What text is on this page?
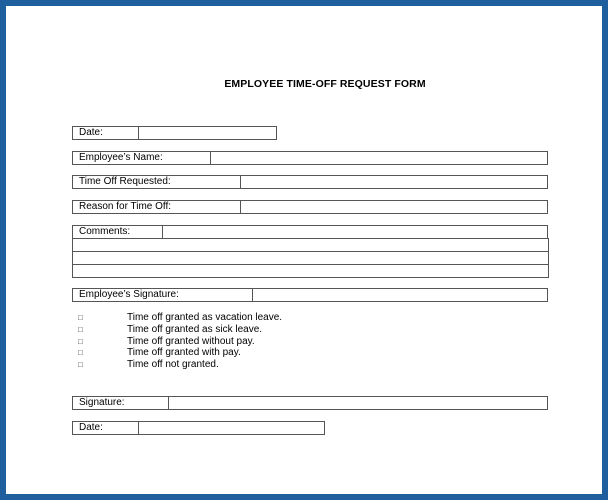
EMPLOYEE TIME-OFF REQUEST FORM
Date:
Employee’s Name:
Time Off Requested:
Reason for Time Off:
Comments:
Employee’s Signature:
□	Time off granted as vacation leave.
□	Time off granted as sick leave.
□	Time off granted without pay.
□	Time off granted with pay.
□	Time off not granted.
Signature:
Date:
